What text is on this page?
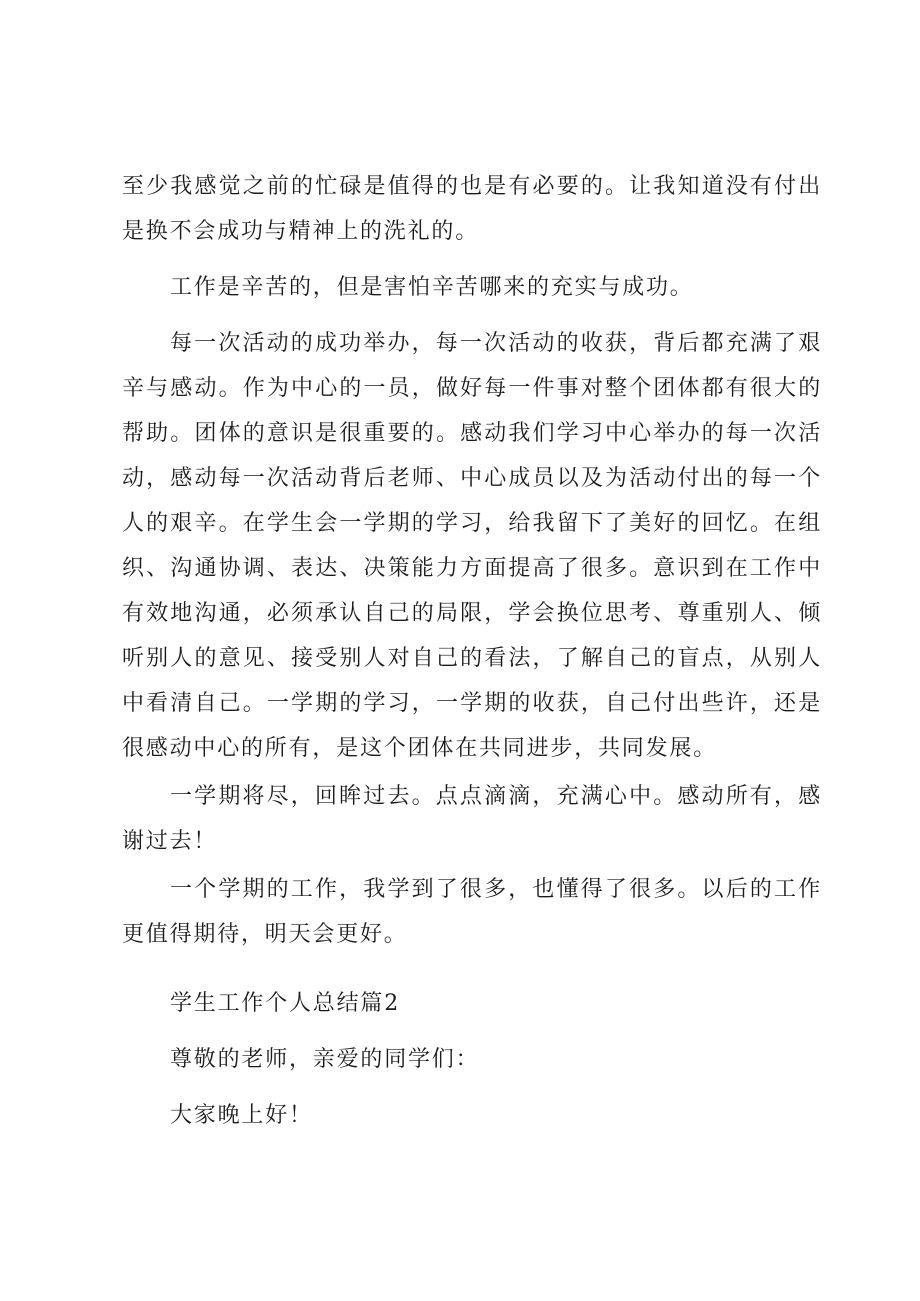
至少我感觉之前的忙碌是值得的也是有必要的。让我知道没有付出是换不会成功与精神上的洗礼的。

工作是辛苦的，但是害怕辛苦哪来的充实与成功。

每一次活动的成功举办，每一次活动的收获，背后都充满了艰辛与感动。作为中心的一员，做好每一件事对整个团体都有很大的帮助。团体的意识是很重要的。感动我们学习中心举办的每一次活动，感动每一次活动背后老师、中心成员以及为活动付出的每一个人的艰辛。在学生会一学期的学习，给我留下了美好的回忆。在组织、沟通协调、表达、决策能力方面提高了很多。意识到在工作中有效地沟通，必须承认自己的局限，学会换位思考、尊重别人、倾听别人的意见、接受别人对自己的看法，了解自己的盲点，从别人中看清自己。一学期的学习，一学期的收获，自己付出些许，还是很感动中心的所有，是这个团体在共同进步，共同发展。

一学期将尽，回眸过去。点点滴滴，充满心中。感动所有，感谢过去！

一个学期的工作，我学到了很多，也懂得了很多。以后的工作更值得期待，明天会更好。

学生工作个人总结篇2

尊敬的老师，亲爱的同学们：

大家晚上好！
